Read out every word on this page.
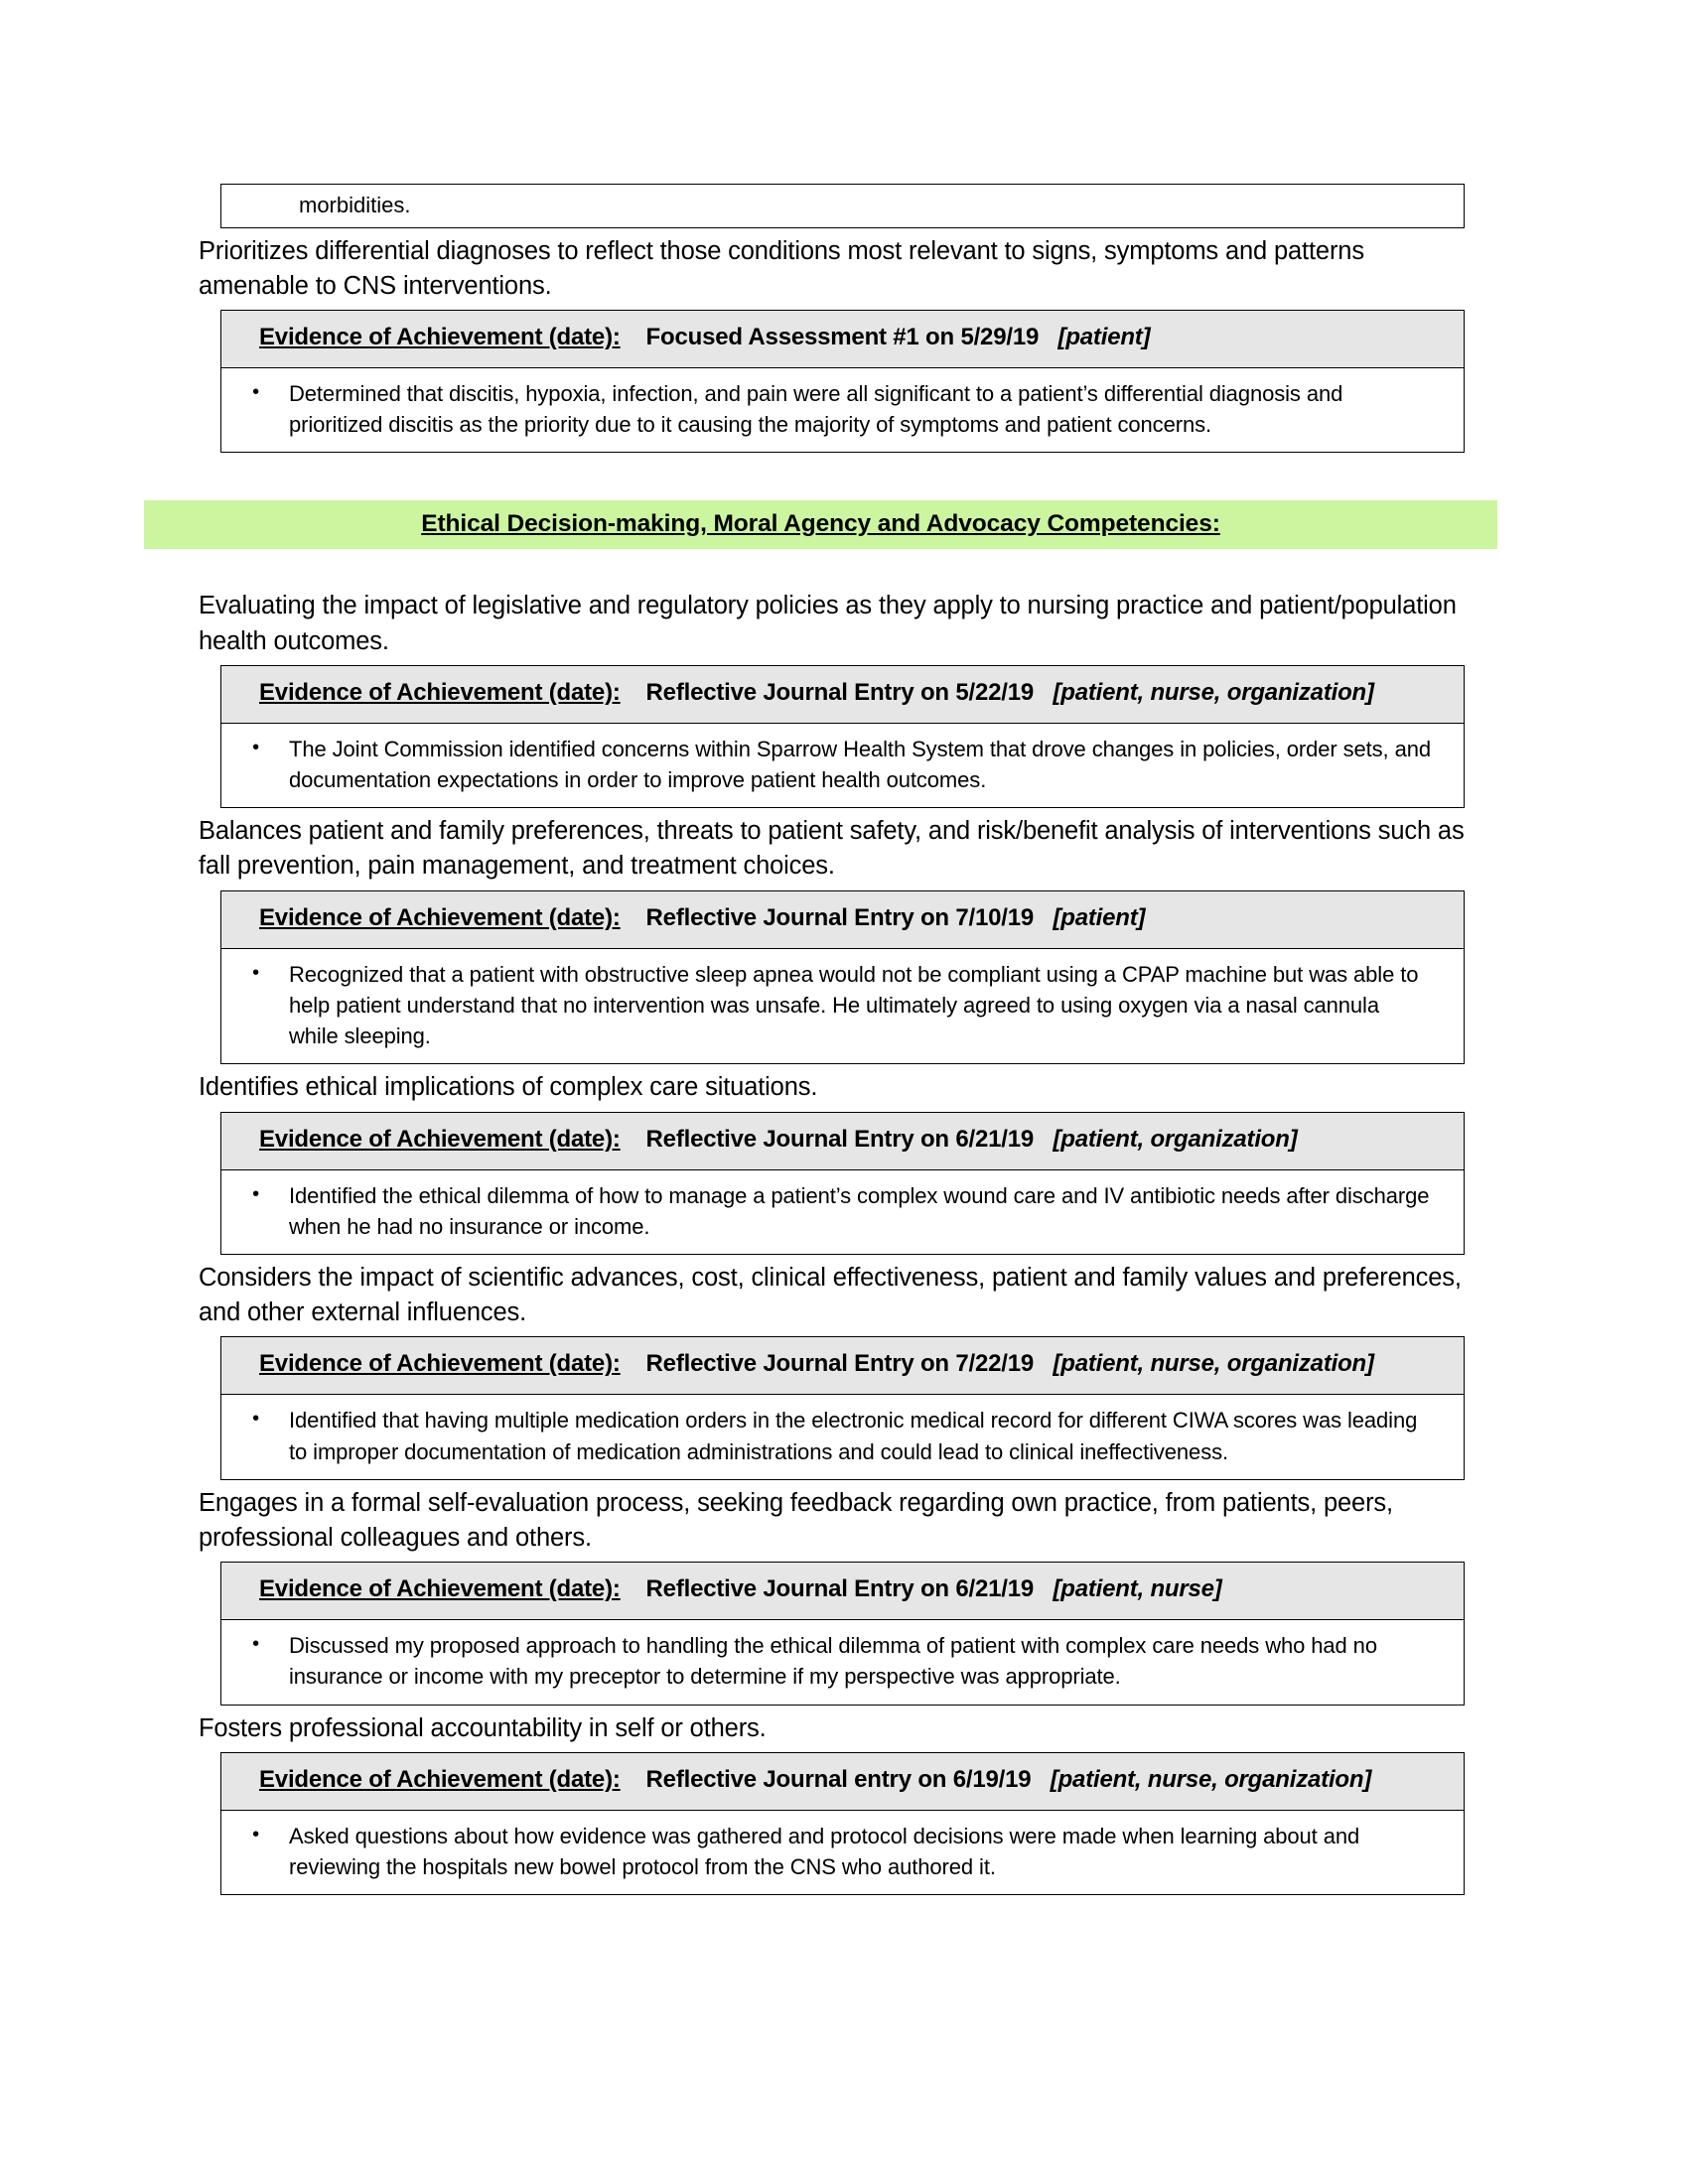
morbidities.
Prioritizes differential diagnoses to reflect those conditions most relevant to signs, symptoms and patterns amenable to CNS interventions.
Evidence of Achievement (date): Focused Assessment #1 on 5/29/19 [patient]
•	Determined that discitis, hypoxia, infection, and pain were all significant to a patient’s differential diagnosis and prioritized discitis as the priority due to it causing the majority of symptoms and patient concerns.
Ethical Decision-making, Moral Agency and Advocacy Competencies:
Evaluating the impact of legislative and regulatory policies as they apply to nursing practice and patient/population health outcomes.
Evidence of Achievement (date): Reflective Journal Entry on 5/22/19 [patient, nurse, organization]
•	The Joint Commission identified concerns within Sparrow Health System that drove changes in policies, order sets, and documentation expectations in order to improve patient health outcomes.
Balances patient and family preferences, threats to patient safety, and risk/benefit analysis of interventions such as fall prevention, pain management, and treatment choices.
Evidence of Achievement (date): Reflective Journal Entry on 7/10/19 [patient]
•	Recognized that a patient with obstructive sleep apnea would not be compliant using a CPAP machine but was able to help patient understand that no intervention was unsafe. He ultimately agreed to using oxygen via a nasal cannula while sleeping.
Identifies ethical implications of complex care situations.
Evidence of Achievement (date): Reflective Journal Entry on 6/21/19 [patient, organization]
•	Identified the ethical dilemma of how to manage a patient’s complex wound care and IV antibiotic needs after discharge when he had no insurance or income.
Considers the impact of scientific advances, cost, clinical effectiveness, patient and family values and preferences, and other external influences.
Evidence of Achievement (date): Reflective Journal Entry on 7/22/19 [patient, nurse, organization]
•	Identified that having multiple medication orders in the electronic medical record for different CIWA scores was leading to improper documentation of medication administrations and could lead to clinical ineffectiveness.
Engages in a formal self-evaluation process, seeking feedback regarding own practice, from patients, peers, professional colleagues and others.
Evidence of Achievement (date): Reflective Journal Entry on 6/21/19 [patient, nurse]
•	Discussed my proposed approach to handling the ethical dilemma of patient with complex care needs who had no insurance or income with my preceptor to determine if my perspective was appropriate.
Fosters professional accountability in self or others.
Evidence of Achievement (date): Reflective Journal entry on 6/19/19 [patient, nurse, organization]
•	Asked questions about how evidence was gathered and protocol decisions were made when learning about and reviewing the hospitals new bowel protocol from the CNS who authored it.
